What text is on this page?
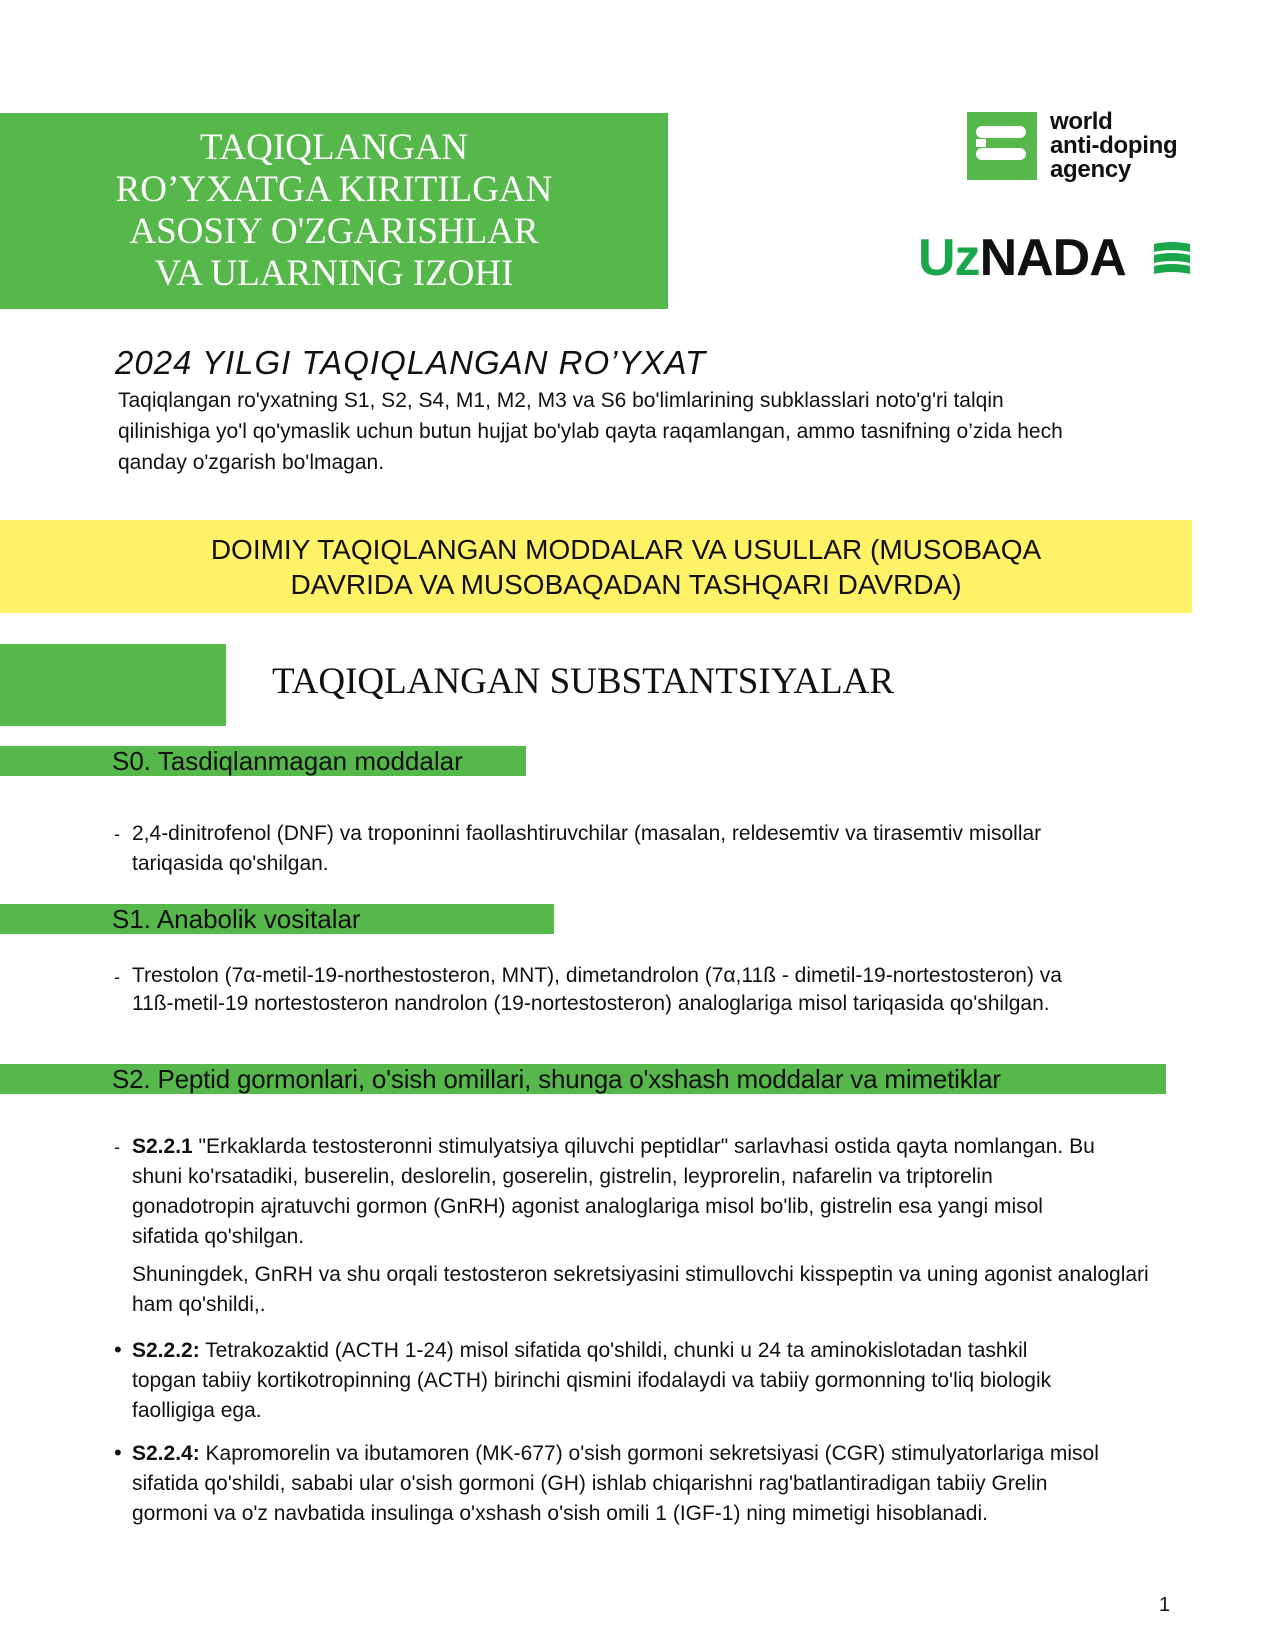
TAQIQLANGAN
RO’YXATGA KIRITILGAN
ASOSIY O'ZGARISHLAR
VA ULARNING IZOHI
world
anti-doping
agency
UzNADA
2024 YILGI TAQIQLANGAN RO’YXAT
Taqiqlangan ro'yxatning S1, S2, S4, M1, M2, M3 va S6 bo'limlarining subklasslari noto'g'ri talqin qilinishiga yo'l qo'ymaslik uchun butun hujjat bo'ylab qayta raqamlangan, ammo tasnifning o’zida hech qanday o'zgarish bo'lmagan.
DOIMIY TAQIQLANGAN MODDALAR VA USULLAR (MUSOBAQA
DAVRIDA VA MUSOBAQADAN TASHQARI DAVRDA)
TAQIQLANGAN SUBSTANTSIYALAR
S0. Tasdiqlanmagan moddalar
- 2,4-dinitrofenol (DNF) va troponinni faollashtiruvchilar (masalan, reldesemtiv va tirasemtiv misollar tariqasida qo'shilgan.
S1. Anabolik vositalar
- Trestolon (7α-metil-19-northestosteron, MNT), dimetandrolon (7α,11ß - dimetil-19-nortestosteron) va 11ß-metil-19 nortestosteron nandrolon (19-nortestosteron) analoglariga misol tariqasida qo'shilgan.
S2. Peptid gormonlari, o'sish omillari, shunga o'xshash moddalar va mimetiklar
- S2.2.1 "Erkaklarda testosteronni stimulyatsiya qiluvchi peptidlar" sarlavhasi ostida qayta nomlangan. Bu shuni ko'rsatadiki, buserelin, deslorelin, goserelin, gistrelin, leyprorelin, nafarelin va triptorelin gonadotropin ajratuvchi gormon (GnRH) agonist analoglariga misol bo'lib, gistrelin esa yangi misol sifatida qo'shilgan.
Shuningdek, GnRH va shu orqali testosteron sekretsiyasini stimullovchi kisspeptin va uning agonist analoglari ham qo'shildi,.
• S2.2.2: Tetrakozaktid (ACTH 1-24) misol sifatida qo'shildi, chunki u 24 ta aminokislotadan tashkil topgan tabiiy kortikotropinning (ACTH) birinchi qismini ifodalaydi va tabiiy gormonning to'liq biologik faolligiga ega.
• S2.2.4: Kapromorelin va ibutamoren (MK-677) o'sish gormoni sekretsiyasi (CGR) stimulyatorlariga misol sifatida qo'shildi, sababi ular o'sish gormoni (GH) ishlab chiqarishni rag'batlantiradigan tabiiy Grelin gormoni va o'z navbatida insulinga o'xshash o'sish omili 1 (IGF-1) ning mimetigi hisoblanadi.
1
